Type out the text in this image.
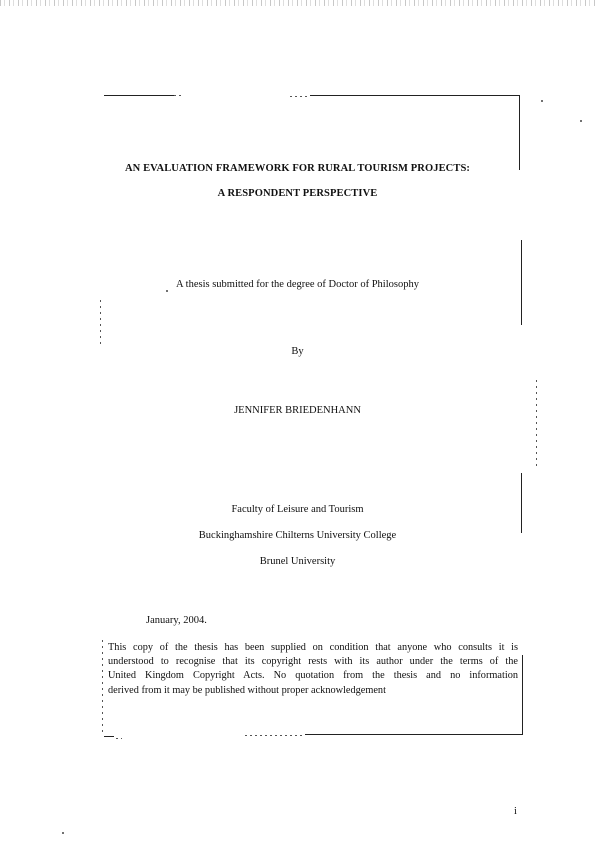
AN EVALUATION FRAMEWORK FOR RURAL TOURISM PROJECTS:
A RESPONDENT PERSPECTIVE
A thesis submitted for the degree of Doctor of Philosophy
By
JENNIFER BRIEDENHANN
Faculty of Leisure and Tourism
Buckinghamshire Chilterns University College
Brunel University
January, 2004.
This copy of the thesis has been supplied on condition that anyone who consults it is
understood to recognise that its copyright rests with its author under the terms of the
United Kingdom Copyright Acts. No quotation from the thesis and no information
derived from it may be published without proper acknowledgement
i
